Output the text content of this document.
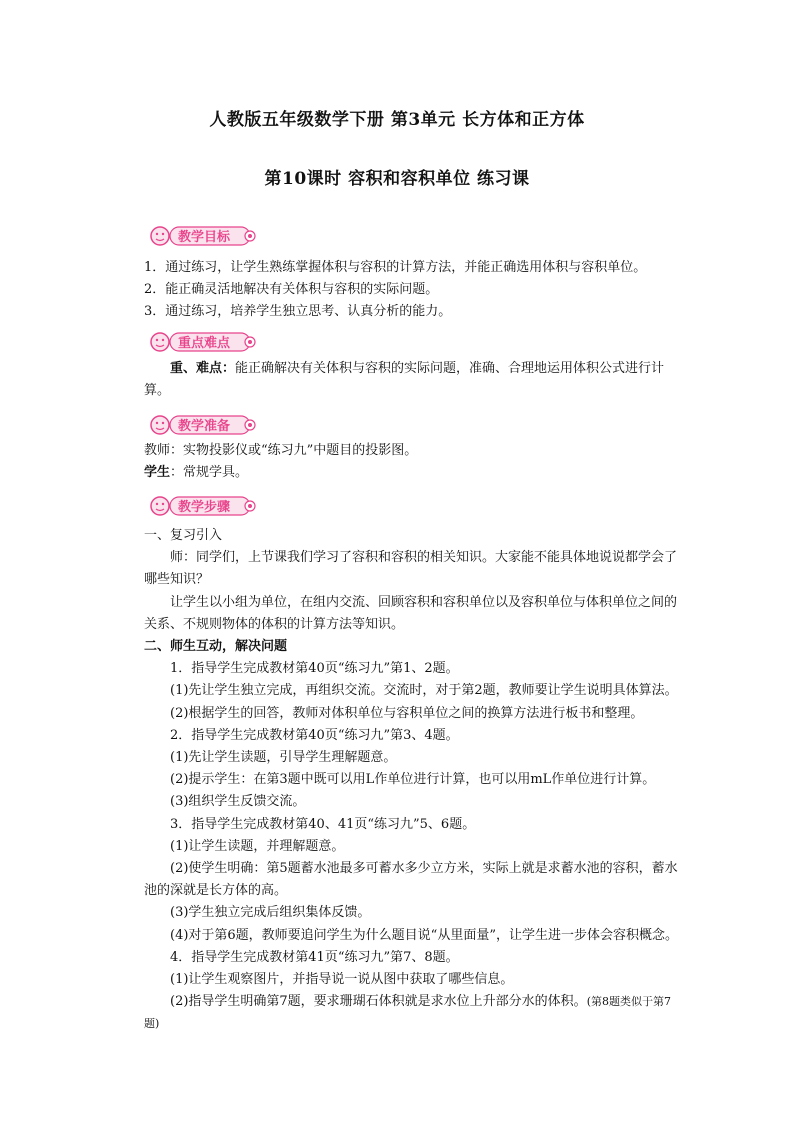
人教版五年级数学下册 第3单元 长方体和正方体
第10课时 容积和容积单位 练习课
教学目标

1．通过练习，让学生熟练掌握体积与容积的计算方法，并能正确选用体积与容积单位。

2．能正确灵活地解决有关体积与容积的实际问题。

3．通过练习，培养学生独立思考、认真分析的能力。

重点难点

重、难点：能正确解决有关体积与容积的实际问题，准确、合理地运用体积公式进行计算。

教学准备

教师：实物投影仪或“练习九”中题目的投影图。

学生：常规学具。

教学步骤

一、复习引入

师：同学们，上节课我们学习了容积和容积的相关知识。大家能不能具体地说说都学会了哪些知识？

让学生以小组为单位，在组内交流、回顾容积和容积单位以及容积单位与体积单位之间的关系、不规则物体的体积的计算方法等知识。

二、师生互动，解决问题

1．指导学生完成教材第40页“练习九”第1、2题。

(1)先让学生独立完成，再组织交流。交流时，对于第2题，教师要让学生说明具体算法。

(2)根据学生的回答，教师对体积单位与容积单位之间的换算方法进行板书和整理。

2．指导学生完成教材第40页“练习九”第3、4题。

(1)先让学生读题，引导学生理解题意。

(2)提示学生：在第3题中既可以用L作单位进行计算，也可以用mL作单位进行计算。

(3)组织学生反馈交流。

3．指导学生完成教材第40、41页“练习九”5、6题。

(1)让学生读题，并理解题意。

(2)使学生明确：第5题蓄水池最多可蓄水多少立方米，实际上就是求蓄水池的容积，蓄水池的深就是长方体的高。

(3)学生独立完成后组织集体反馈。

(4)对于第6题，教师要追问学生为什么题目说“从里面量”，让学生进一步体会容积概念。

4．指导学生完成教材第41页“练习九”第7、8题。

(1)让学生观察图片，并指导说一说从图中获取了哪些信息。

(2)指导学生明确第7题，要求珊瑚石体积就是求水位上升部分水的体积。(第8题类似于第7题)
